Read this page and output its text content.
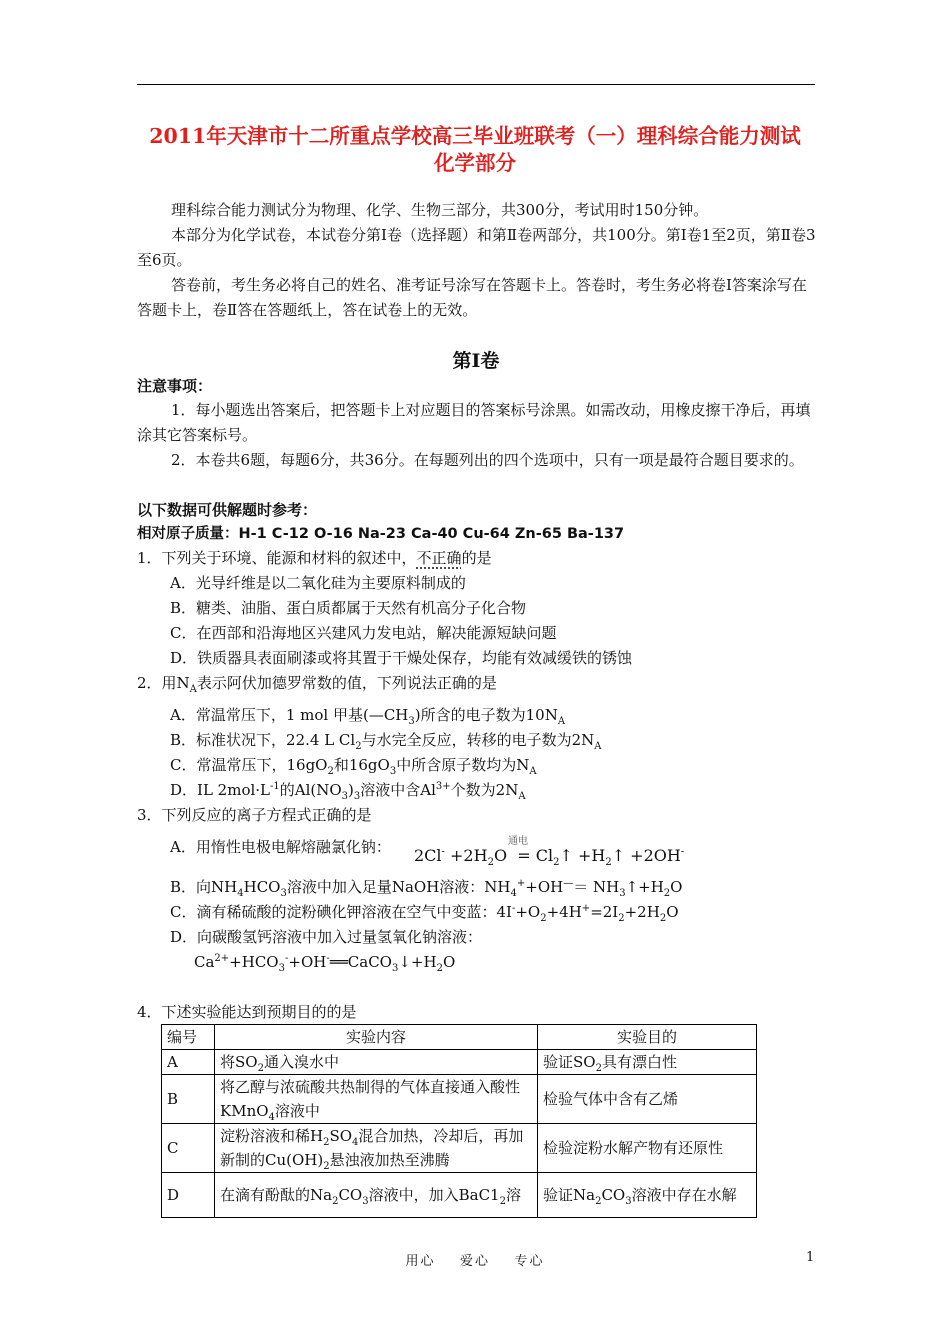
2011年天津市十二所重点学校高三毕业班联考（一）理科综合能力测试
化学部分
理科综合能力测试分为物理、化学、生物三部分，共300分，考试用时150分钟。
本部分为化学试卷，本试卷分第Ⅰ卷（选择题）和第Ⅱ卷两部分，共100分。第Ⅰ卷1至2页，第Ⅱ卷3至6页。
答卷前，考生务必将自己的姓名、准考证号涂写在答题卡上。答卷时，考生务必将卷Ⅰ答案涂写在答题卡上，卷Ⅱ答在答题纸上，答在试卷上的无效。
第Ⅰ卷
注意事项：
1．每小题选出答案后，把答题卡上对应题目的答案标号涂黑。如需改动，用橡皮擦干净后，再填涂其它答案标号。
2．本卷共6题，每题6分，共36分。在每题列出的四个选项中，只有一项是最符合题目要求的。
以下数据可供解题时参考：
相对原子质量：H-1 C-12 O-16 Na-23 Ca-40 Cu-64 Zn-65 Ba-137
1．下列关于环境、能源和材料的叙述中，不正确的是
A．光导纤维是以二氧化硅为主要原料制成的
B．糖类、油脂、蛋白质都属于天然有机高分子化合物
C．在西部和沿海地区兴建风力发电站，解决能源短缺问题
D．铁质器具表面刷漆或将其置于干燥处保存，均能有效减缓铁的锈蚀
2．用$N_A$表示阿伏加德罗常数的值，下列说法正确的是
A．常温常压下，1 mol 甲基$(—CH_3)$所含的电子数为$10N_A$
B．标准状况下，22.4 L $Cl_2$与水完全反应，转移的电子数为$2N_A$
C．常温常压下，$16gO_2$和$16gO_3$中所含原子数均为$N_A$
D．IL $2mol\cdot L^{-1}$的$Al(NO_3)_3$溶液中含$Al^{3+}$个数为$2N_A$
3．下列反应的离子方程式正确的是
A．用惰性电极电解熔融氯化钠：	通电
$2Cl^- +2H_2O$  = $Cl_2↑$ $+H_2↑ +2OH^-$
B．向$NH_4HCO_3$溶液中加入足量NaOH溶液：$NH_4^++OH^—=$ $NH_3↑+H_2O$
C．滴有稀硫酸的淀粉碘化钾溶液在空气中变蓝：$4I^-+O_2+4H^+=2I_2+2H_2O$
D．向碳酸氢钙溶液中加入过量氢氧化钠溶液：
$Ca^{2+}+HCO_3^-+OH^-══CaCO_3↓+H_2O$
4．下述实验能达到预期目的的是
编号	实验内容	实验目的
A	将$SO_2$通入溴水中	验证$SO_2$具有漂白性
B	将乙醇与浓硫酸共热制得的气体直接通入酸性KMnO$_4$溶液中	检验气体中含有乙烯
C	淀粉溶液和稀$H_2SO_4$混合加热，冷却后，再加新制的$Cu(OH)_2$悬浊液加热至沸腾	检验淀粉水解产物有还原性
D	在滴有酚酞的$Na_2CO_3$溶液中，加入$BaC1_2$溶	验证$Na_2CO_3$溶液中存在水解
用心    爱心    专心	1
